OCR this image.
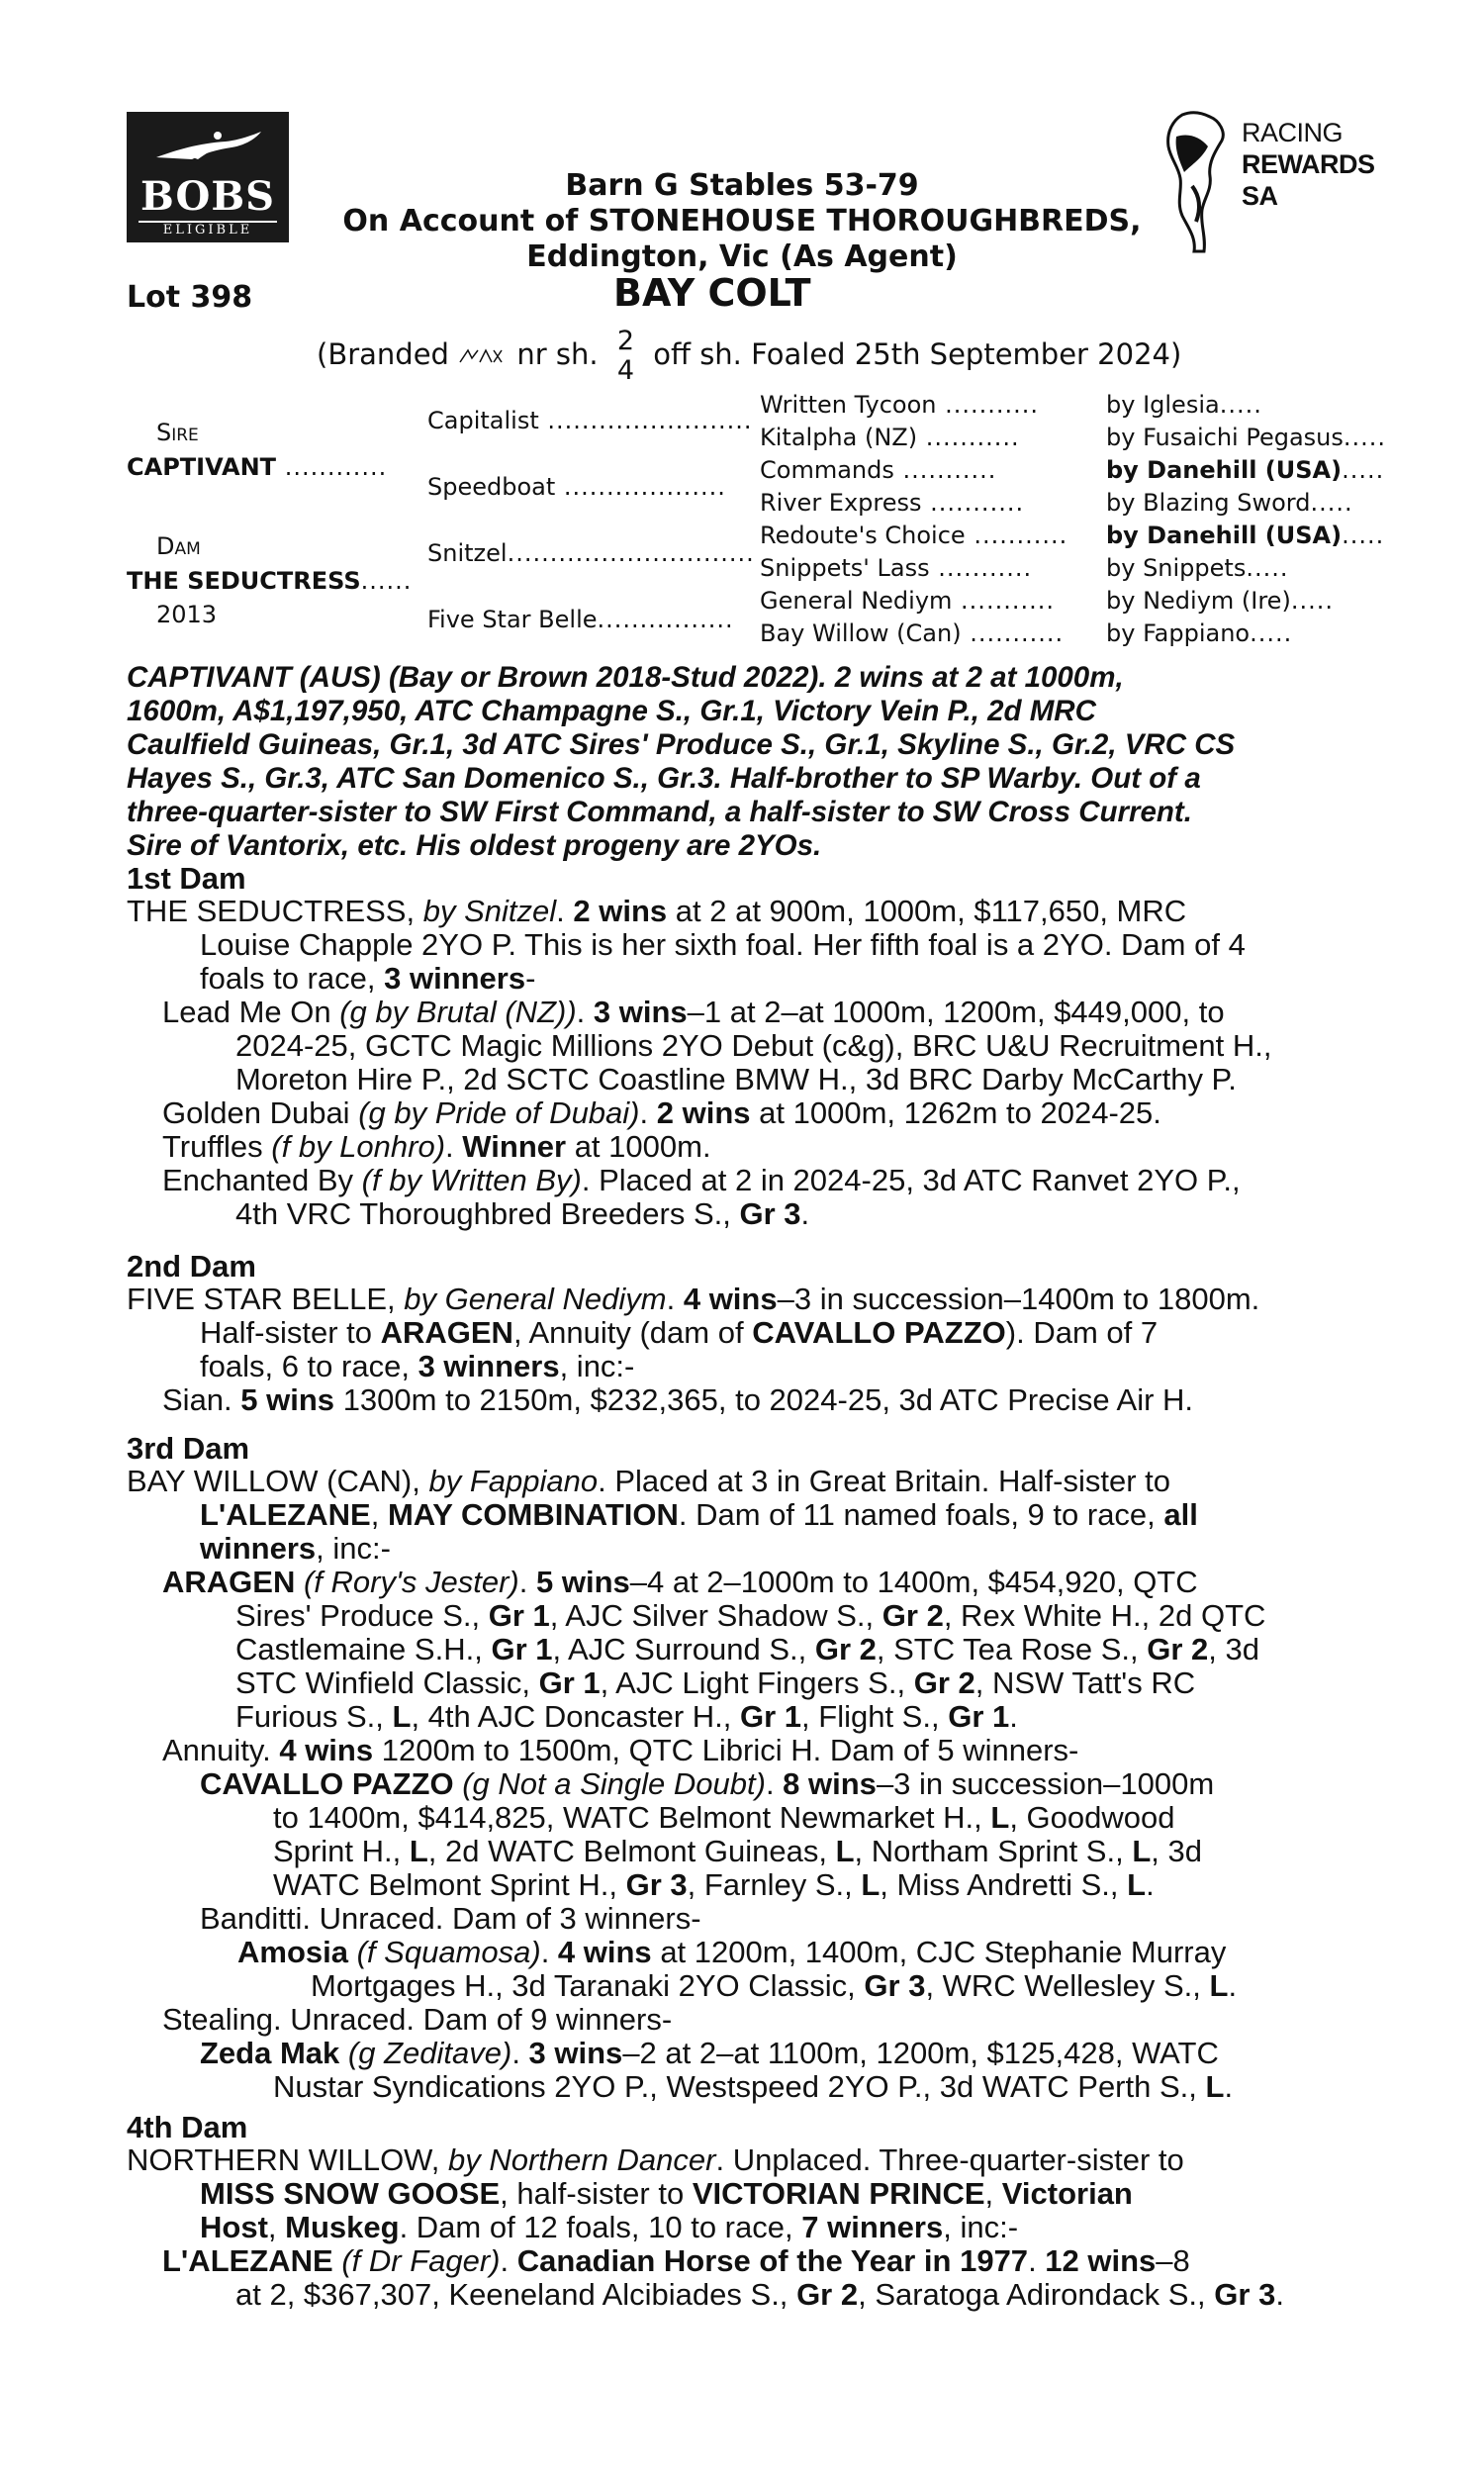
BOBS
ELIGIBLE
RACING
REWARDS
SA
Barn G Stables 53-79
On Account of STONEHOUSE THOROUGHBREDS,
Eddington, Vic (As Agent)
Lot 398	BAY COLT
(Branded nr sh. 2
4 off sh. Foaled 25th September 2024)
Sire
CAPTIVANT ............
Dam
THE SEDUCTRESS......
2013
Capitalist ........................
Speedboat ...................
Snitzel.............................
Five Star Belle................
Written Tycoon ...........	by Iglesia.....
Kitalpha (NZ) ...........	by Fusaichi Pegasus.....
Commands ...........	by Danehill (USA).....
River Express ...........	by Blazing Sword.....
Redoute's Choice ........... by Danehill (USA).....
Snippets' Lass ...........	by Snippets.....
General Nediym ........... by Nediym (Ire).....
Bay Willow (Can) ........... by Fappiano.....
CAPTIVANT (AUS) (Bay or Brown 2018-Stud 2022). 2 wins at 2 at 1000m,
1600m, A$1,197,950, ATC Champagne S., Gr.1, Victory Vein P., 2d MRC
Caulfield Guineas, Gr.1, 3d ATC Sires' Produce S., Gr.1, Skyline S., Gr.2, VRC CS
Hayes S., Gr.3, ATC San Domenico S., Gr.3. Half-brother to SP Warby. Out of a
three-quarter-sister to SW First Command, a half-sister to SW Cross Current.
Sire of Vantorix, etc. His oldest progeny are 2YOs.
1st Dam
THE SEDUCTRESS, by Snitzel. 2 wins at 2 at 900m, 1000m, $117,650, MRC
Louise Chapple 2YO P. This is her sixth foal. Her fifth foal is a 2YO. Dam of 4
foals to race, 3 winners-
Lead Me On (g by Brutal (NZ)). 3 wins–1 at 2–at 1000m, 1200m, $449,000, to
2024-25, GCTC Magic Millions 2YO Debut (c&g), BRC U&U Recruitment H.,
Moreton Hire P., 2d SCTC Coastline BMW H., 3d BRC Darby McCarthy P.
Golden Dubai (g by Pride of Dubai). 2 wins at 1000m, 1262m to 2024-25.
Truffles (f by Lonhro). Winner at 1000m.
Enchanted By (f by Written By). Placed at 2 in 2024-25, 3d ATC Ranvet 2YO P.,
4th VRC Thoroughbred Breeders S., Gr 3.
2nd Dam
FIVE STAR BELLE, by General Nediym. 4 wins–3 in succession–1400m to 1800m.
Half-sister to ARAGEN, Annuity (dam of CAVALLO PAZZO). Dam of 7
foals, 6 to race, 3 winners, inc:-
Sian. 5 wins 1300m to 2150m, $232,365, to 2024-25, 3d ATC Precise Air H.
3rd Dam
BAY WILLOW (CAN), by Fappiano. Placed at 3 in Great Britain. Half-sister to
L'ALEZANE, MAY COMBINATION. Dam of 11 named foals, 9 to race, all
winners, inc:-
ARAGEN (f Rory's Jester). 5 wins–4 at 2–1000m to 1400m, $454,920, QTC
Sires' Produce S., Gr 1, AJC Silver Shadow S., Gr 2, Rex White H., 2d QTC
Castlemaine S.H., Gr 1, AJC Surround S., Gr 2, STC Tea Rose S., Gr 2, 3d
STC Winfield Classic, Gr 1, AJC Light Fingers S., Gr 2, NSW Tatt's RC
Furious S., L, 4th AJC Doncaster H., Gr 1, Flight S., Gr 1.
Annuity. 4 wins 1200m to 1500m, QTC Librici H. Dam of 5 winners-
CAVALLO PAZZO (g Not a Single Doubt). 8 wins–3 in succession–1000m
to 1400m, $414,825, WATC Belmont Newmarket H., L, Goodwood
Sprint H., L, 2d WATC Belmont Guineas, L, Northam Sprint S., L, 3d
WATC Belmont Sprint H., Gr 3, Farnley S., L, Miss Andretti S., L.
Banditti. Unraced. Dam of 3 winners-
Amosia (f Squamosa). 4 wins at 1200m, 1400m, CJC Stephanie Murray
Mortgages H., 3d Taranaki 2YO Classic, Gr 3, WRC Wellesley S., L.
Stealing. Unraced. Dam of 9 winners-
Zeda Mak (g Zeditave). 3 wins–2 at 2–at 1100m, 1200m, $125,428, WATC
Nustar Syndications 2YO P., Westspeed 2YO P., 3d WATC Perth S., L.
4th Dam
NORTHERN WILLOW, by Northern Dancer. Unplaced. Three-quarter-sister to
MISS SNOW GOOSE, half-sister to VICTORIAN PRINCE, Victorian
Host, Muskeg. Dam of 12 foals, 10 to race, 7 winners, inc:-
L'ALEZANE (f Dr Fager). Canadian Horse of the Year in 1977. 12 wins–8
at 2, $367,307, Keeneland Alcibiades S., Gr 2, Saratoga Adirondack S., Gr 3.
